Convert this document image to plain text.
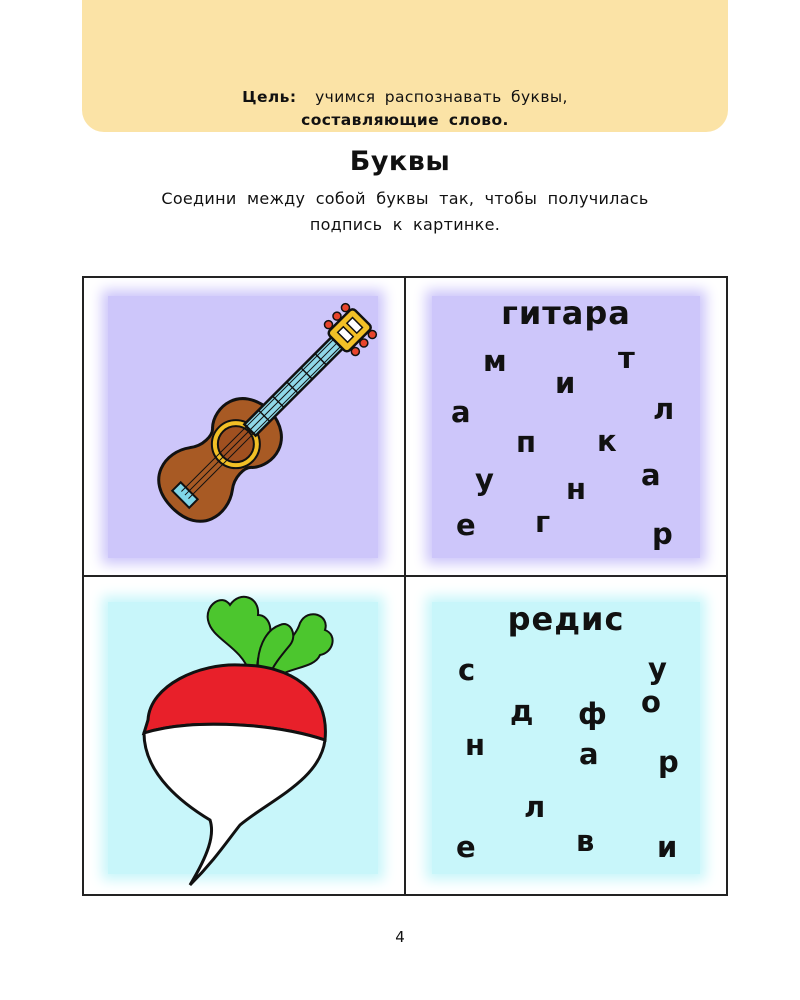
Цель: учимся распознавать буквы,
составляющие слово.
Буквы
Соедини между собой буквы так, чтобы получилась
подпись к картинке.
гитара
м	т
и
а	л
п к
у	а
н
е г	р
редис
с	у
о
д ф
н	а р
л
е	в и
4
